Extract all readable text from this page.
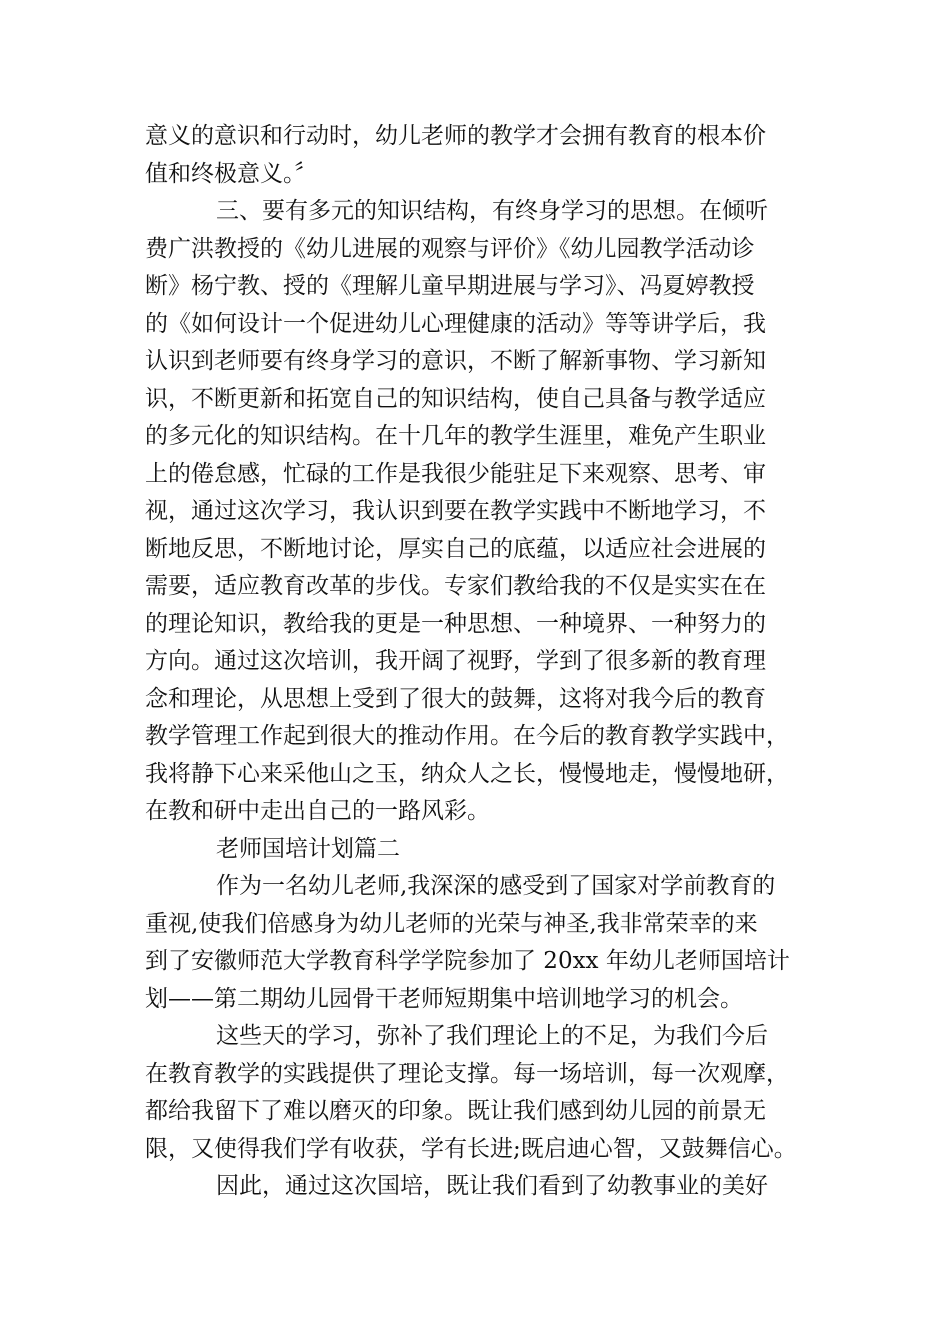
意义的意识和行动时，幼儿老师的教学才会拥有教育的根本价
值和终极意义。〞
三、要有多元的知识结构，有终身学习的思想。在倾听
费广洪教授的《幼儿进展的观察与评价》《幼儿园教学活动诊
断》杨宁教、授的《理解儿童早期进展与学习》、冯夏婷教授
的《如何设计一个促进幼儿心理健康的活动》等等讲学后，我
认识到老师要有终身学习的意识，不断了解新事物、学习新知
识，不断更新和拓宽自己的知识结构，使自己具备与教学适应
的多元化的知识结构。在十几年的教学生涯里，难免产生职业
上的倦怠感，忙碌的工作是我很少能驻足下来观察、思考、审
视，通过这次学习，我认识到要在教学实践中不断地学习，不
断地反思，不断地讨论，厚实自己的底蕴，以适应社会进展的
需要，适应教育改革的步伐。专家们教给我的不仅是实实在在
的理论知识，教给我的更是一种思想、一种境界、一种努力的
方向。通过这次培训，我开阔了视野，学到了很多新的教育理
念和理论，从思想上受到了很大的鼓舞，这将对我今后的教育
教学管理工作起到很大的推动作用。在今后的教育教学实践中，
我将静下心来采他山之玉，纳众人之长，慢慢地走，慢慢地研，
在教和研中走出自己的一路风彩。
老师国培计划篇二
作为一名幼儿老师,我深深的感受到了国家对学前教育的
重视,使我们倍感身为幼儿老师的光荣与神圣,我非常荣幸的来
到了安徽师范大学教育科学学院参加了 20xx 年幼儿老师国培计
划——第二期幼儿园骨干老师短期集中培训地学习的机会。
这些天的学习，弥补了我们理论上的不足，为我们今后
在教育教学的实践提供了理论支撑。每一场培训，每一次观摩，
都给我留下了难以磨灭的印象。既让我们感到幼儿园的前景无
限，又使得我们学有收获，学有长进;既启迪心智，又鼓舞信心。
因此，通过这次国培，既让我们看到了幼教事业的美好
